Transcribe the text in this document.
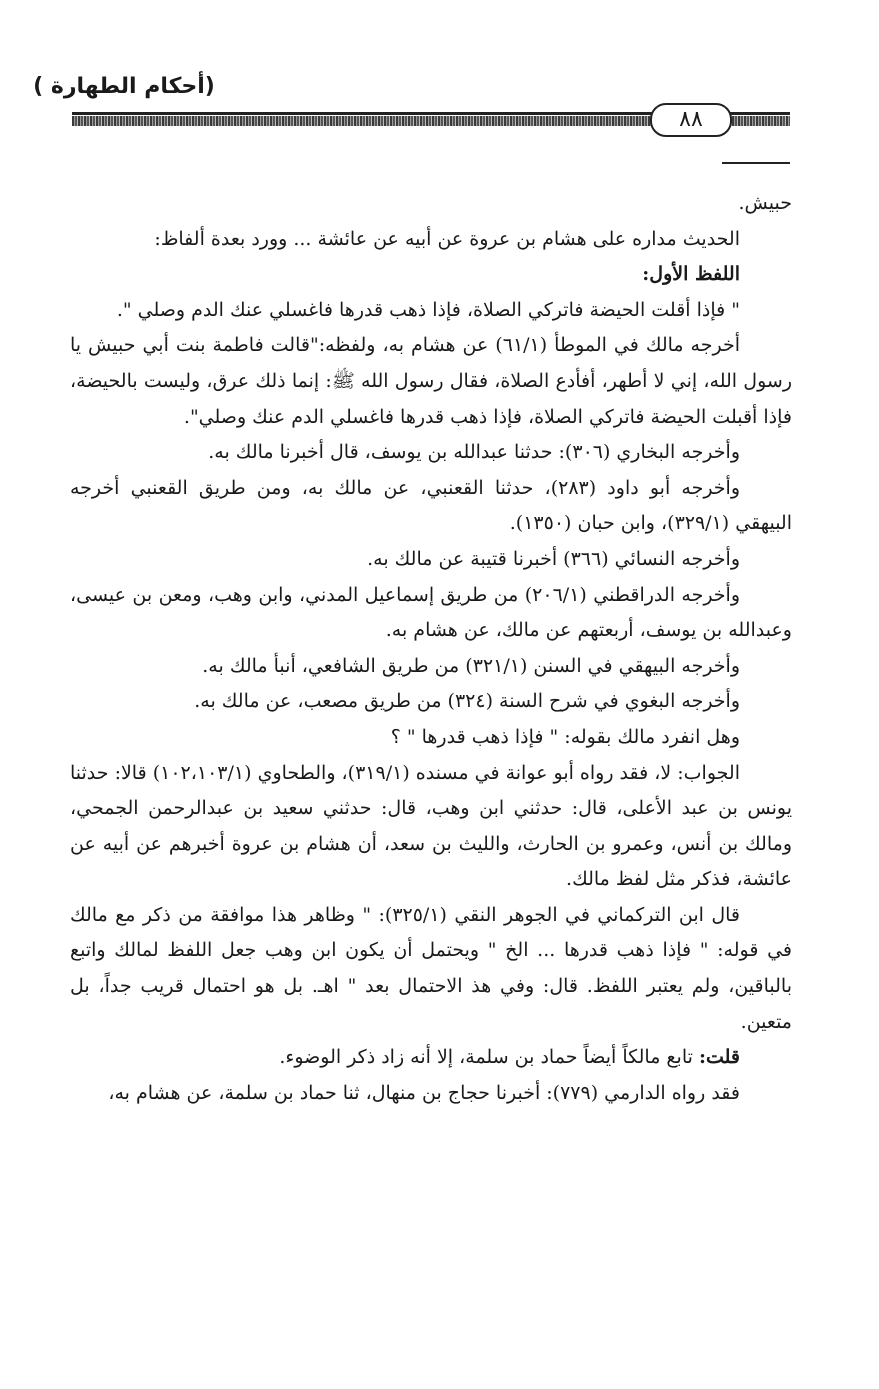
(أحكام الطهارة )
٨٨

حبيش.

الحديث مداره على هشام بن عروة عن أبيه عن عائشة ... وورد بعدة ألفاظ:

اللفظ الأول:

" فإذا أقلت الحيضة فاتركي الصلاة، فإذا ذهب قدرها فاغسلي عنك الدم وصلي ".

أخرجه مالك في الموطأ (٦١/١) عن هشام به، ولفظه:"قالت فاطمة بنت أبي حبيش يا رسول الله، إني لا أطهر، أفأدع الصلاة، فقال رسول الله ﷺ: إنما ذلك عرق، وليست بالحيضة، فإذا أقبلت الحيضة فاتركي الصلاة، فإذا ذهب قدرها فاغسلي الدم عنك وصلي".

وأخرجه البخاري (٣٠٦): حدثنا عبدالله بن يوسف، قال أخبرنا مالك به.

وأخرجه أبو داود (٢٨٣)، حدثنا القعنبي، عن مالك به، ومن طريق القعنبي أخرجه البيهقي (٣٢٩/١)، وابن حبان (١٣٥٠).

وأخرجه النسائي (٣٦٦) أخبرنا قتيبة عن مالك به.

وأخرجه الدراقطني (٢٠٦/١) من طريق إسماعيل المدني، وابن وهب، ومعن بن عيسى، وعبدالله بن يوسف، أربعتهم عن مالك، عن هشام به.

وأخرجه البيهقي في السنن (٣٢١/١) من طريق الشافعي، أنبأ مالك به.

وأخرجه البغوي في شرح السنة (٣٢٤) من طريق مصعب، عن مالك به.

وهل انفرد مالك بقوله: " فإذا ذهب قدرها " ؟

الجواب: لا، فقد رواه أبو عوانة في مسنده (٣١٩/١)، والطحاوي (١٠٢،١٠٣/١) قالا: حدثنا يونس بن عبد الأعلى، قال: حدثني ابن وهب، قال: حدثني سعيد بن عبدالرحمن الجمحي، ومالك بن أنس، وعمرو بن الحارث، والليث بن سعد، أن هشام بن عروة أخبرهم عن أبيه عن عائشة، فذكر مثل لفظ مالك.

قال ابن التركماني في الجوهر النقي (٣٢٥/١): " وظاهر هذا موافقة من ذكر مع مالك في قوله: " فإذا ذهب قدرها ... الخ " ويحتمل أن يكون ابن وهب جعل اللفظ لمالك واتبع بالباقين، ولم يعتبر اللفظ. قال: وفي هذ الاحتمال بعد " اهـ. بل هو احتمال قريب جداً، بل متعين.

قلت: تابع مالكاً أيضاً حماد بن سلمة، إلا أنه زاد ذكر الوضوء.

فقد رواه الدارمي (٧٧٩): أخبرنا حجاج بن منهال، ثنا حماد بن سلمة، عن هشام به،
